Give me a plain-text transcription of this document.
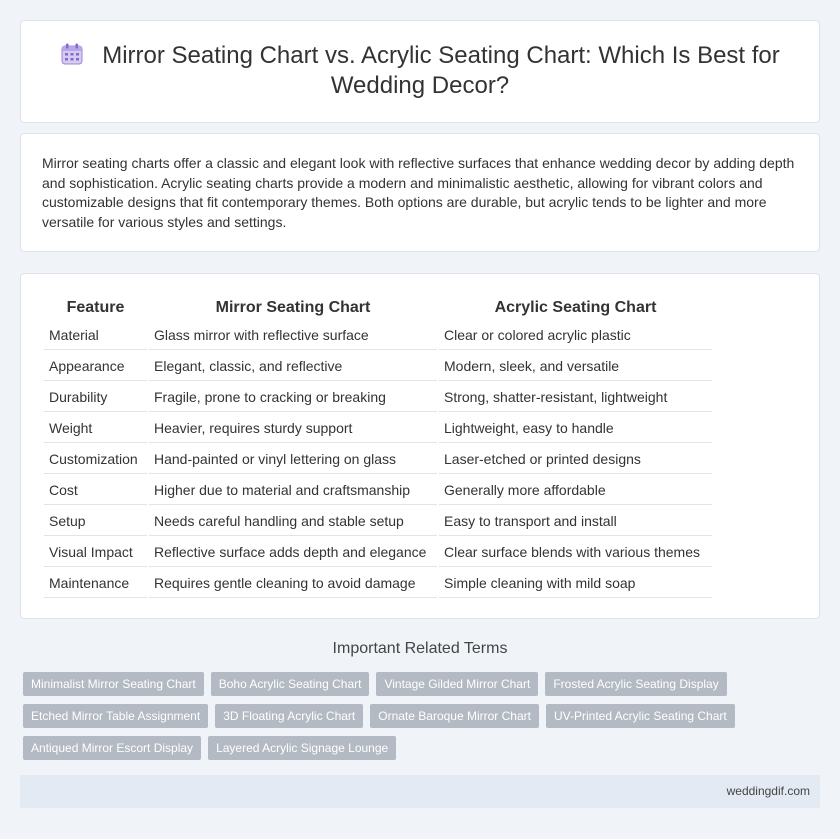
Mirror Seating Chart vs. Acrylic Seating Chart: Which Is Best for Wedding Decor?

Mirror seating charts offer a classic and elegant look with reflective surfaces that enhance wedding decor by adding depth and sophistication. Acrylic seating charts provide a modern and minimalistic aesthetic, allowing for vibrant colors and customizable designs that fit contemporary themes. Both options are durable, but acrylic tends to be lighter and more versatile for various styles and settings.

Feature	Mirror Seating Chart	Acrylic Seating Chart
Material	Glass mirror with reflective surface	Clear or colored acrylic plastic
Appearance	Elegant, classic, and reflective	Modern, sleek, and versatile
Durability	Fragile, prone to cracking or breaking	Strong, shatter-resistant, lightweight
Weight	Heavier, requires sturdy support	Lightweight, easy to handle
Customization	Hand-painted or vinyl lettering on glass	Laser-etched or printed designs
Cost	Higher due to material and craftsmanship	Generally more affordable
Setup	Needs careful handling and stable setup	Easy to transport and install
Visual Impact	Reflective surface adds depth and elegance	Clear surface blends with various themes
Maintenance	Requires gentle cleaning to avoid damage	Simple cleaning with mild soap
Important Related Terms
Minimalist Mirror Seating Chart	Boho Acrylic Seating Chart	Vintage Gilded Mirror Chart	Frosted Acrylic Seating Display
Etched Mirror Table Assignment	3D Floating Acrylic Chart	Ornate Baroque Mirror Chart	UV-Printed Acrylic Seating Chart
Antiqued Mirror Escort Display	Layered Acrylic Signage Lounge
weddingdif.com
